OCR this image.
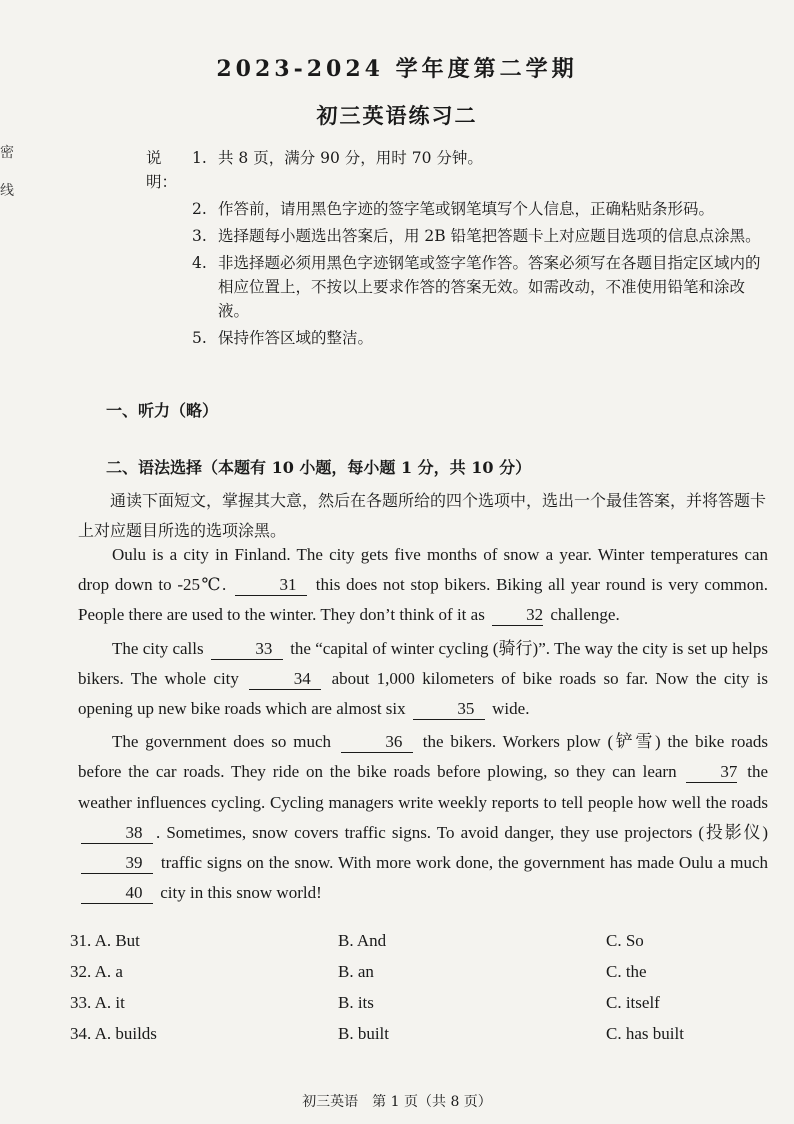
密
线
2023-2024 学年度第二学期
初三英语练习二
说明：
1. 共 8 页，满分 90 分，用时 70 分钟。
2. 作答前，请用黑色字迹的签字笔或钢笔填写个人信息，正确粘贴条形码。
3. 选择题每小题选出答案后，用 2B 铅笔把答题卡上对应题目选项的信息点涂黑。
4. 非选择题必须用黑色字迹钢笔或签字笔作答。答案必须写在各题目指定区域内的相应位置上，不按以上要求作答的答案无效。如需改动，不准使用铅笔和涂改液。
5. 保持作答区域的整洁。
一、听力（略）
二、语法选择（本题有 10 小题，每小题 1 分，共 10 分）
通读下面短文，掌握其大意，然后在各题所给的四个选项中，选出一个最佳答案，并将答题卡上对应题目所选的选项涂黑。

Oulu is a city in Finland. The city gets five months of snow a year. Winter temperatures can drop down to -25℃.	31 this does not stop bikers. Biking all year round is very common. People there are used to the winter. They don’t think of it as 32 challenge.

The city calls	33 the “capital of winter cycling (骑行)”. The way the city is set up helps bikers. The whole city	34 about 1,000 kilometers of bike roads so far. Now the city is opening up new bike roads which are almost six	35 wide.

The government does so much	36 the bikers. Workers plow (铲雪) the bike roads before the car roads. They ride on the bike roads before plowing, so they can learn	37 the weather influences cycling. Cycling managers write weekly reports to tell people how well the roads 38 . Sometimes, snow covers traffic signs. To avoid danger, they use projectors (投影仪) 39 traffic signs on the snow. With more work done, the government has made Oulu a much 40 city in this snow world!

31. A. But	B. And	C. So
32. A. a	B. an	C. the
33. A. it	B. its	C. itself
34. A. builds	B. built	C. has built
初三英语　第 1 页（共 8 页）
